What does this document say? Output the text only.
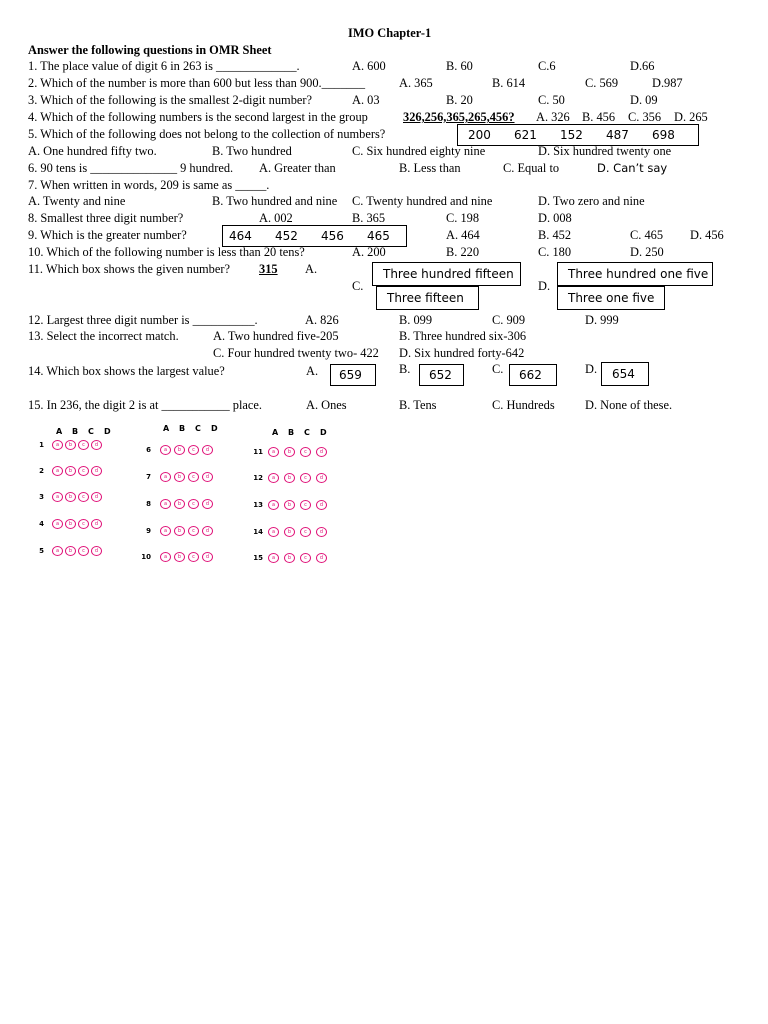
IMO Chapter-1
Answer the following questions in OMR Sheet
1. The place value of digit 6 in 263 is _____________.	A. 600	B. 60	C.6	D.66
2. Which of the number is more than 600 but less than 900._______	A. 365	B. 614	C. 569	D.987
3. Which of the following is the smallest 2-digit number?	A. 03	B. 20	C. 50	D. 09
4. Which of the following numbers is the second largest in the group	326,256,365,265,456? A. 326 B. 456 C. 356 D. 265
5. Which of the following does not belong to the collection of numbers?	200 621 152 487 698
A. One hundred fifty two.	B. Two hundred	C. Six hundred eighty nine	D. Six hundred twenty one
6. 90 tens is ______________ 9 hundred. A. Greater than	B. Less than	C. Equal to	D. Can’t say
7. When written in words, 209 is same as _____.
A. Twenty and nine	B. Two hundred and nine C. Twenty hundred and nine	D. Two zero and nine
8. Smallest three digit number?	A. 002	B. 365	C. 198	D. 008
9. Which is the greater number?	464 452 456 465	A. 464	B. 452	C. 465 D. 456
10. Which of the following number is less than 20 tens?	A. 200	B. 220	C. 180	D. 250
11. Which box shows the given number? 315 A.	Three hundred fifteen	Three hundred one five
C.	D.
Three fifteen	Three one five
12. Largest three digit number is __________.	A. 826	B. 099	C. 909	D. 999
13. Select the incorrect match.	A. Two hundred five-205	B. Three hundred six-306
C. Four hundred twenty two- 422 D. Six hundred forty-642
14. Which box shows the largest value?	A.	659	B.	652	C.	662	D.	654
15. In 236, the digit 2 is at ___________ place.	A. Ones	B. Tens	C. Hundreds D. None of these.
A B C D	A B C D	A B C D
1	a	b	c	d
2	a	b	c	d
3	a	b	c	d
4	a	b	c	d
5	a	b	c	d
6	a	b	c	d
7	a	b	c	d
8	a	b	c	d
9	a	b	c	d
10	a	b	c	d
11	a	b	c	d
12	a	b	c	d
13	a	b	c	d
14	a	b	c	d
15	a	b	c	d
